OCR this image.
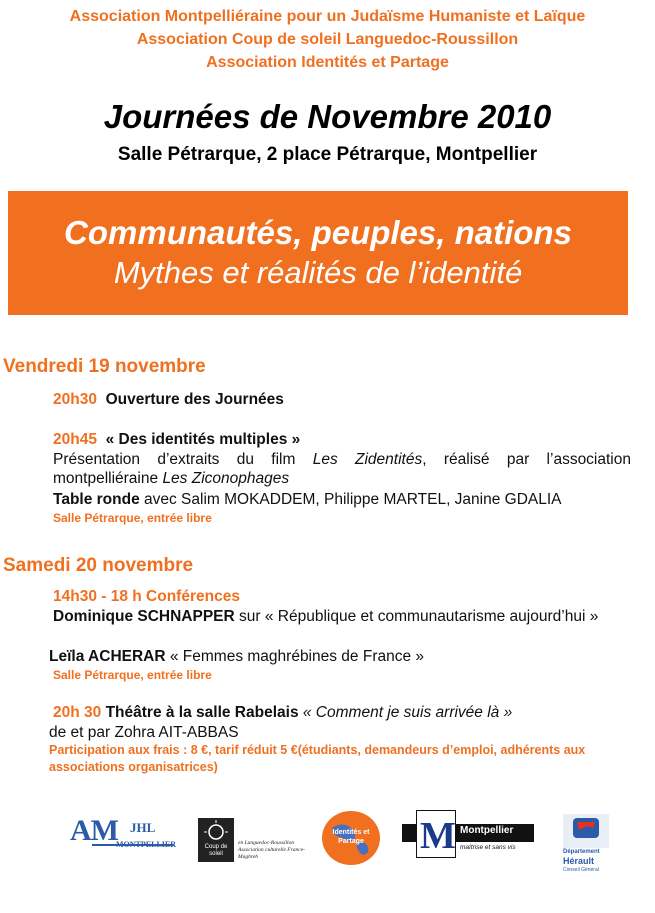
Association Montpelliéraine pour un Judaïsme Humaniste et Laïque
Association Coup de soleil Languedoc-Roussillon
Association Identités et Partage
Journées de Novembre 2010
Salle Pétrarque, 2 place Pétrarque, Montpellier
Communautés, peuples, nations
Mythes et réalités de l’identité
Vendredi 19 novembre
20h30 Ouverture des Journées
20h45 « Des identités multiples »
Présentation d’extraits du film Les Zidentités, réalisé par l’association montpelliéraine Les Ziconophages
Table ronde avec Salim MOKADDEM, Philippe MARTEL, Janine GDALIA
Salle Pétrarque, entrée libre
Samedi 20 novembre
14h30 - 18 h Conférences
Dominique SCHNAPPER sur « République et communautarisme aujourd’hui »
Leïla ACHERAR « Femmes maghrébines de France »
Salle Pétrarque, entrée libre
20h 30 Théâtre à la salle Rabelais « Comment je suis arrivée là »
de et par Zohra AIT-ABBAS
Participation aux frais : 8 €, tarif réduit 5 €(étudiants, demandeurs d’emploi, adhérents aux associations organisatrices)
AM JHL
MONTPELLIER	Coup de soleil
en Languedoc-Roussillon Association culturelle France-Maghreb
Identités et Partage M Montpellier
maîtrise et sans vis
Département
Hérault
Conseil Général
